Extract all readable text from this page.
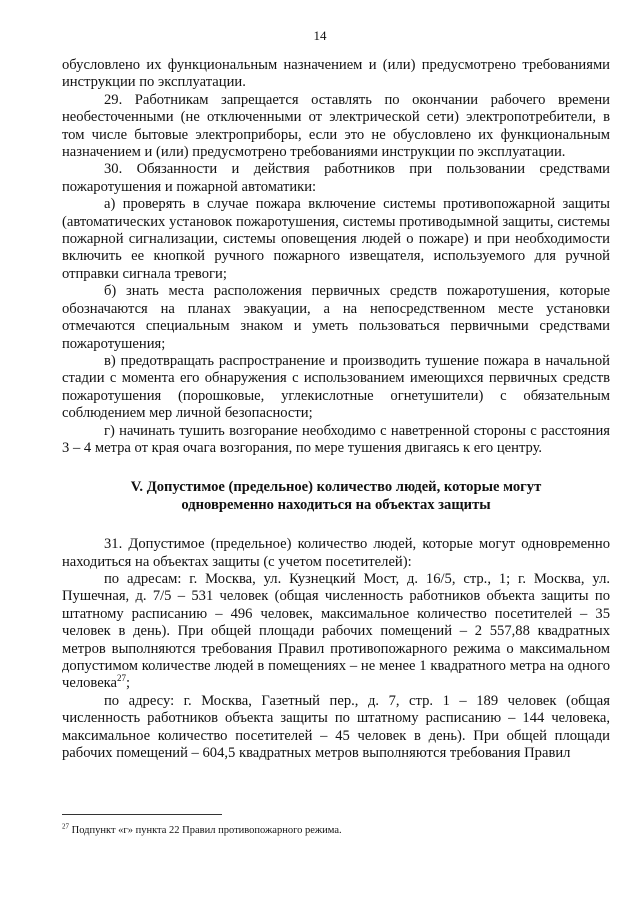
14

обусловлено их функциональным назначением и (или) предусмотрено требованиями инструкции по эксплуатации.

29. Работникам запрещается оставлять по окончании рабочего времени необесточенными (не отключенными от электрической сети) электропотребители, в том числе бытовые электроприборы, если это не обусловлено их функциональным назначением и (или) предусмотрено требованиями инструкции по эксплуатации.

30. Обязанности и действия работников при пользовании средствами пожаротушения и пожарной автоматики:

а) проверять в случае пожара включение системы противопожарной защиты (автоматических установок пожаротушения, системы противодымной защиты, системы пожарной сигнализации, системы оповещения людей о пожаре) и при необходимости включить ее кнопкой ручного пожарного извещателя, используемого для ручной отправки сигнала тревоги;

б) знать места расположения первичных средств пожаротушения, которые обозначаются на планах эвакуации, а на непосредственном месте установки отмечаются специальным знаком и уметь пользоваться первичными средствами пожаротушения;

в) предотвращать распространение и производить тушение пожара в начальной стадии с момента его обнаружения с использованием имеющихся первичных средств пожаротушения (порошковые, углекислотные огнетушители) с обязательным соблюдением мер личной безопасности;

г) начинать тушить возгорание необходимо с наветренной стороны с расстояния 3 – 4 метра от края очага возгорания, по мере тушения двигаясь к его центру.

V. Допустимое (предельное) количество людей, которые могут
одновременно находиться на объектах защиты

31. Допустимое (предельное) количество людей, которые могут одновременно находиться на объектах защиты (с учетом посетителей):

по адресам: г. Москва, ул. Кузнецкий Мост, д. 16/5, стр., 1; г. Москва, ул. Пушечная, д. 7/5 – 531 человек (общая численность работников объекта защиты по штатному расписанию – 496 человек, максимальное количество посетителей – 35 человек в день). При общей площади рабочих помещений – 2 557,88 квадратных метров выполняются требования Правил противопожарного режима о максимальном допустимом количестве людей в помещениях – не менее 1 квадратного метра на одного человека$^{27}$;

по адресу: г. Москва, Газетный пер., д. 7, стр. 1 – 189 человек (общая численность работников объекта защиты по штатному расписанию – 144 человека, максимальное количество посетителей – 45 человек в день). При общей площади рабочих помещений – 604,5 квадратных метров выполняются требования Правил

$^{27}$ Подпункт «г» пункта 22 Правил противопожарного режима.
